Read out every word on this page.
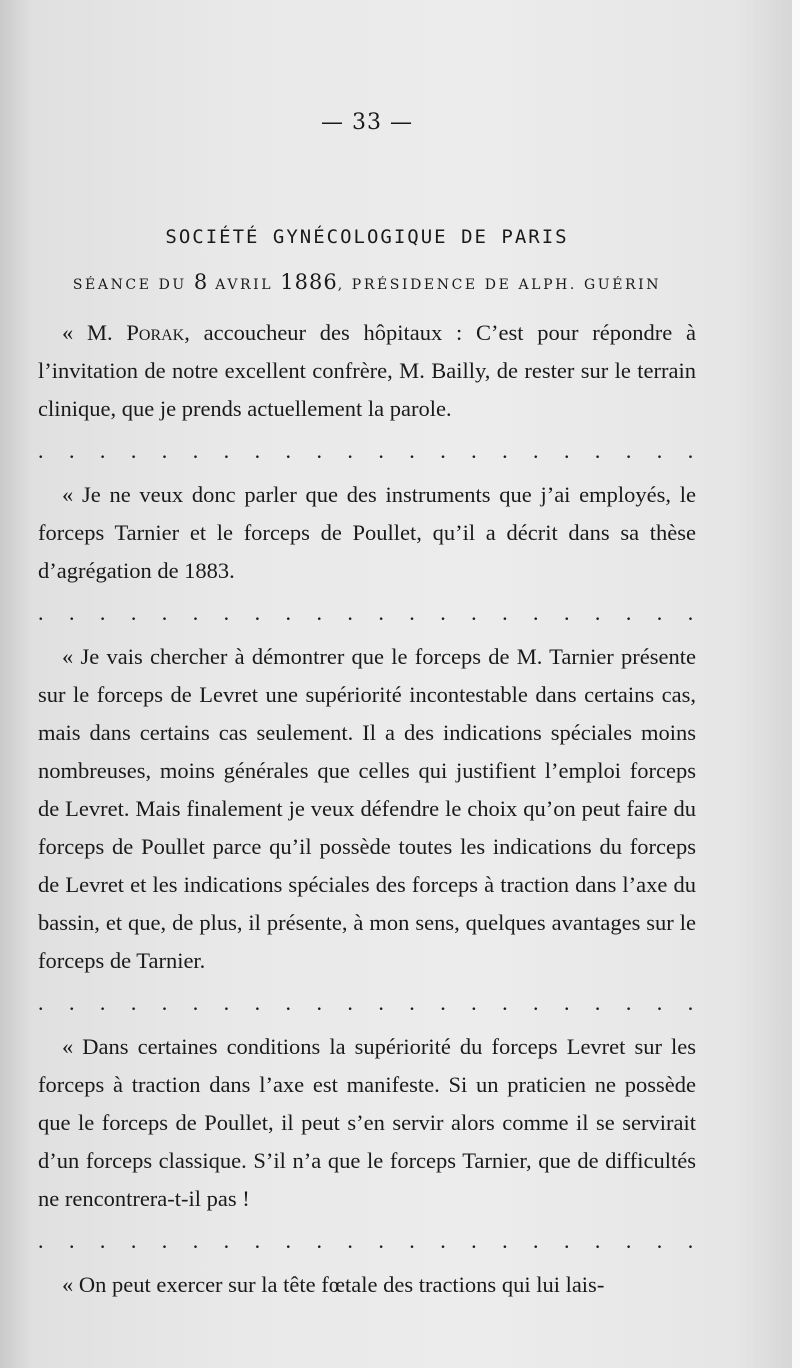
— 33 —
SOCIÉTÉ GYNÉCOLOGIQUE DE PARIS
SÉANCE DU 8 AVRIL 1886, PRÉSIDENCE DE ALPH. GUÉRIN

« M. Porak, accoucheur des hôpitaux : C’est pour répondre à l’invitation de notre excellent confrère, M. Bailly, de rester sur le terrain clinique, que je prends actuellement la parole.

. . . . . . . . . . . . . . . . . . . . . .

« Je ne veux donc parler que des instruments que j’ai employés, le forceps Tarnier et le forceps de Poullet, qu’il a décrit dans sa thèse d’agrégation de 1883.

. . . . . . . . . . . . . . . . . . . . . .

« Je vais chercher à démontrer que le forceps de M. Tarnier présente sur le forceps de Levret une supériorité incontestable dans certains cas, mais dans certains cas seulement. Il a des indications spéciales moins nombreuses, moins générales que celles qui justifient l’emploi forceps de Levret. Mais finalement je veux défendre le choix qu’on peut faire du forceps de Poullet parce qu’il possède toutes les indications du forceps de Levret et les indications spéciales des forceps à traction dans l’axe du bassin, et que, de plus, il présente, à mon sens, quelques avantages sur le forceps de Tarnier.

. . . . . . . . . . . . . . . . . . . . . .

« Dans certaines conditions la supériorité du forceps Levret sur les forceps à traction dans l’axe est manifeste. Si un praticien ne possède que le forceps de Poullet, il peut s’en servir alors comme il se servirait d’un forceps classique. S’il n’a que le forceps Tarnier, que de difficultés ne rencontrera-t-il pas !

. . . . . . . . . . . . . . . . . . . . . .

« On peut exercer sur la tête fœtale des tractions qui lui lais-
